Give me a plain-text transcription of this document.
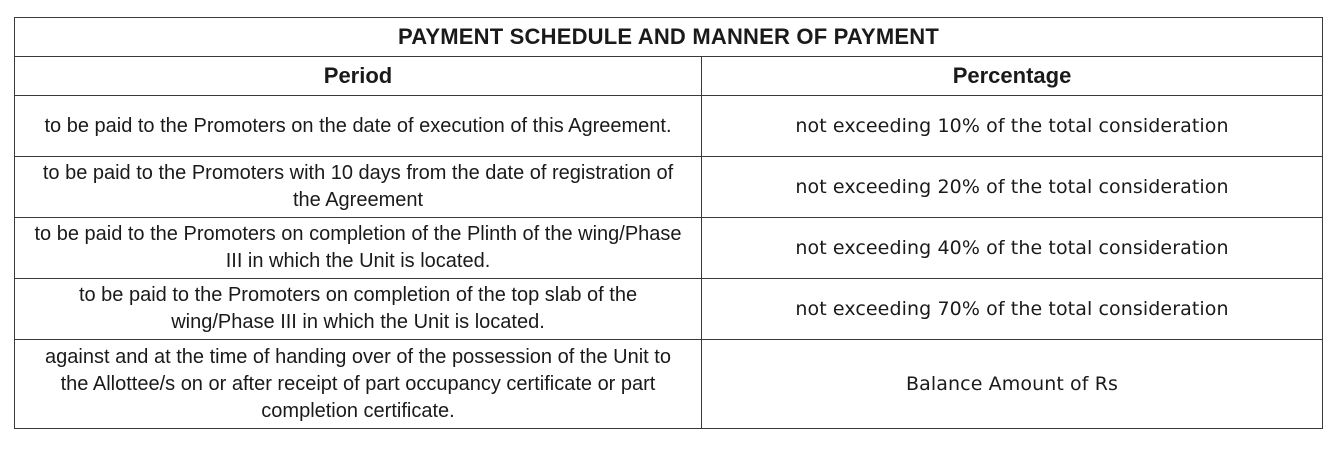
PAYMENT SCHEDULE AND MANNER OF PAYMENT	
Period	Percentage
to be paid to the Promoters on the date of execution of this Agreement.	not exceeding 10% of the total consideration
to be paid to the Promoters with 10 days from the date of registration of the Agreement	not exceeding 20% of the total consideration
to be paid to the Promoters on completion of the Plinth of the wing/Phase III in which the Unit is located.	not exceeding 40% of the total consideration
to be paid to the Promoters on completion of the top slab of the wing/Phase III in which the Unit is located.	not exceeding 70% of the total consideration
against and at the time of handing over of the possession of the Unit to the Allottee/s on or after receipt of part occupancy certificate or part completion certificate.	Balance Amount of Rs
